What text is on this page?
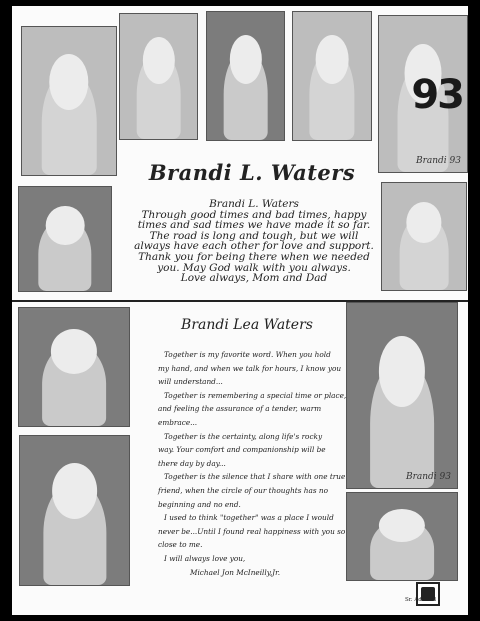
93
Brandi 93
Brandi L. Waters
Brandi L. Waters
Through good times and bad times, happy
times and sad times we have made it so far.
The road is long and tough, but we will
always have each other for love and support.
Thank you for being there when we needed
you. May God walk with you always.
Love always, Mom and Dad
Brandi Lea Waters
Together is my favorite word. When you hold
my hand, and when we talk for hours, I know you
will understand...
Together is remembering a special time or place,
and feeling the assurance of a tender, warm
embrace...
Together is the certainty, along life's rocky
way. Your comfort and companionship will be
there day by day...
Together is the silence that I share with one true
friend, when the circle of our thoughts has no
beginning and no end.
I used to think "together" was a place I would
never be...Until I found real happiness with you so
close to me.
I will always love you,
Michael Jon McIneilly,Jr.
Brandi 93
Sr. Ads 331
